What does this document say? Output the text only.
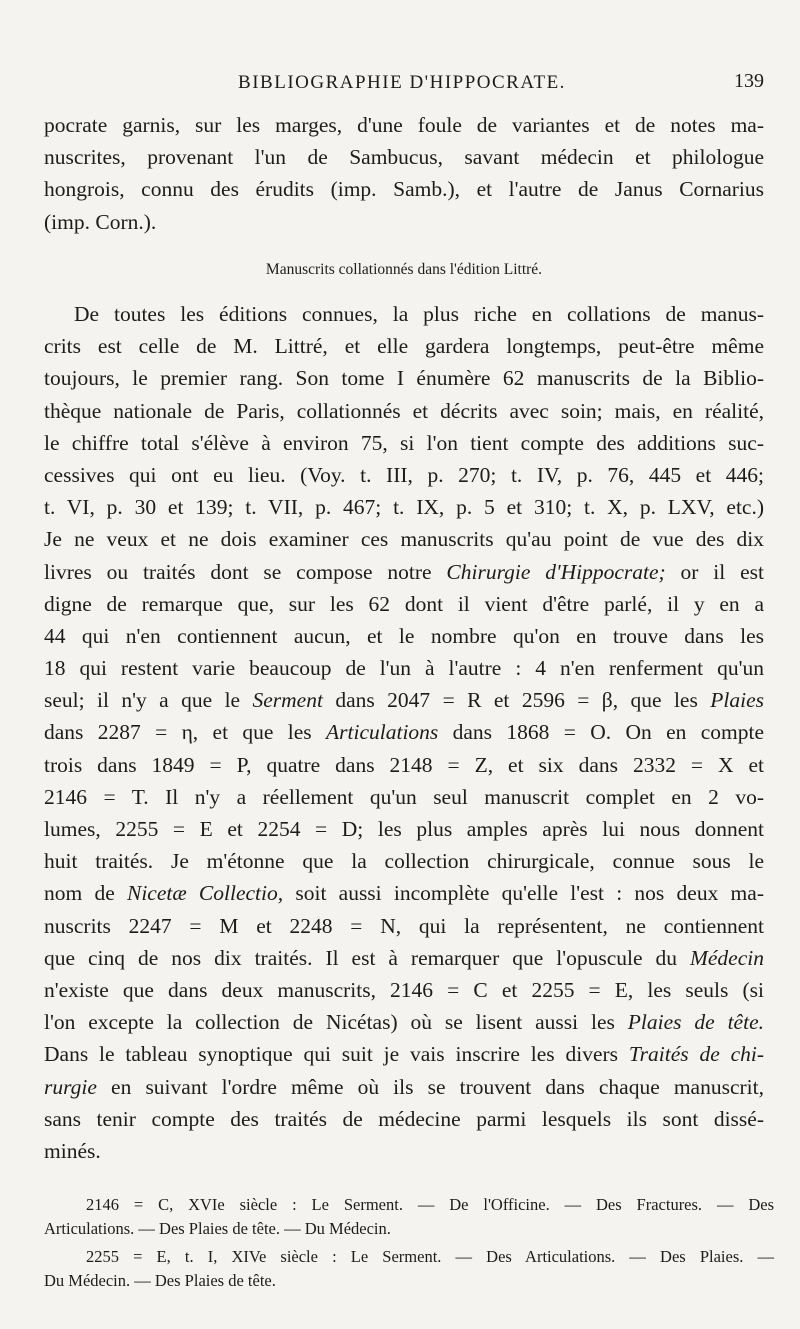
BIBLIOGRAPHIE D'HIPPOCRATE.	139
pocrate garnis, sur les marges, d'une foule de variantes et de notes ma-
nuscrites, provenant l'un de Sambucus, savant médecin et philologue
hongrois, connu des érudits (imp. Samb.), et l'autre de Janus Cornarius
(imp. Corn.).
Manuscrits collationnés dans l'édition Littré.
De toutes les éditions connues, la plus riche en collations de manus-
crits est celle de M. Littré, et elle gardera longtemps, peut-être même
toujours, le premier rang. Son tome I énumère 62 manuscrits de la Biblio-
thèque nationale de Paris, collationnés et décrits avec soin; mais, en réalité,
le chiffre total s'élève à environ 75, si l'on tient compte des additions suc-
cessives qui ont eu lieu. (Voy. t. III, p. 270; t. IV, p. 76, 445 et 446;
t. VI, p. 30 et 139; t. VII, p. 467; t. IX, p. 5 et 310; t. X, p. LXV, etc.)
Je ne veux et ne dois examiner ces manuscrits qu'au point de vue des dix
livres ou traités dont se compose notre Chirurgie d'Hippocrate; or il est
digne de remarque que, sur les 62 dont il vient d'être parlé, il y en a
44 qui n'en contiennent aucun, et le nombre qu'on en trouve dans les
18 qui restent varie beaucoup de l'un à l'autre : 4 n'en renferment qu'un
seul; il n'y a que le Serment dans 2047 = R et 2596 = β, que les Plaies
dans 2287 = η, et que les Articulations dans 1868 = O. On en compte
trois dans 1849 = P, quatre dans 2148 = Z, et six dans 2332 = X et
2146 = T. Il n'y a réellement qu'un seul manuscrit complet en 2 vo-
lumes, 2255 = E et 2254 = D; les plus amples après lui nous donnent
huit traités. Je m'étonne que la collection chirurgicale, connue sous le
nom de Nicetæ Collectio, soit aussi incomplète qu'elle l'est : nos deux ma-
nuscrits 2247 = M et 2248 = N, qui la représentent, ne contiennent
que cinq de nos dix traités. Il est à remarquer que l'opuscule du Médecin
n'existe que dans deux manuscrits, 2146 = C et 2255 = E, les seuls (si
l'on excepte la collection de Nicétas) où se lisent aussi les Plaies de tête.
Dans le tableau synoptique qui suit je vais inscrire les divers Traités de chi-
rurgie en suivant l'ordre même où ils se trouvent dans chaque manuscrit,
sans tenir compte des traités de médecine parmi lesquels ils sont dissé-
minés.
2146 = C, XVIe siècle : Le Serment. — De l'Officine. — Des Fractures. — Des
Articulations. — Des Plaies de tête. — Du Médecin.
2255 = E, t. I, XIVe siècle : Le Serment. — Des Articulations. — Des Plaies. —
Du Médecin. — Des Plaies de tête.
